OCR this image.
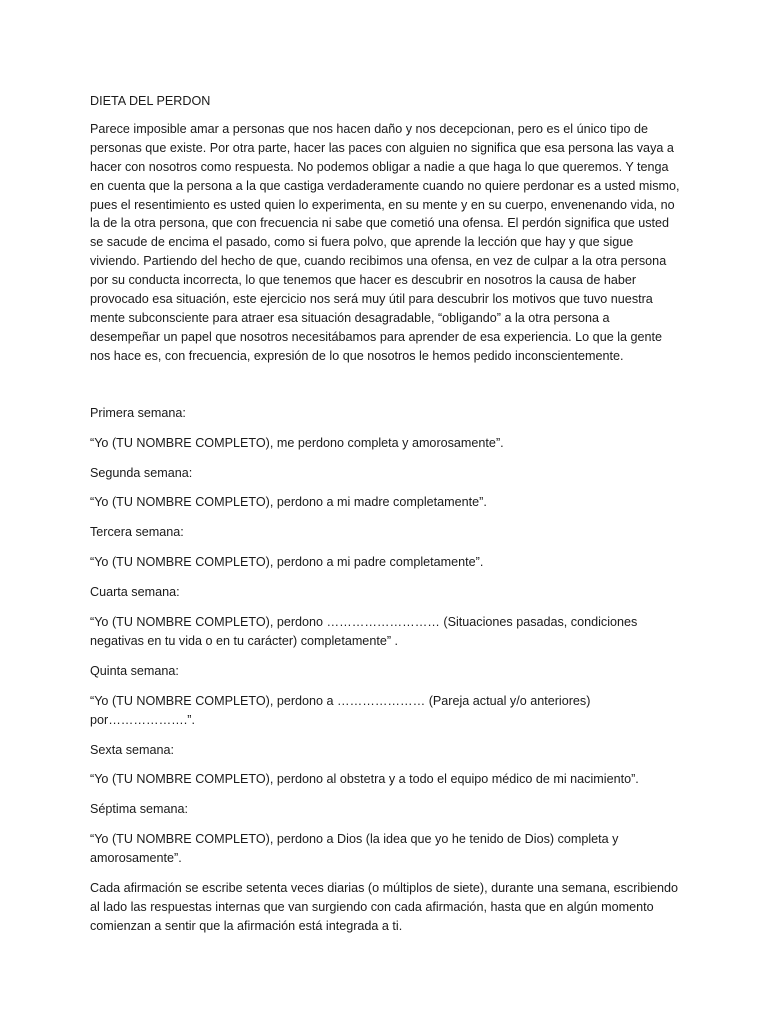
DIETA DEL PERDON

Parece imposible amar a personas que nos hacen daño y nos decepcionan, pero es el único tipo de personas que existe. Por otra parte, hacer las paces con alguien no significa que esa persona las vaya a hacer con nosotros como respuesta. No podemos obligar a nadie a que haga lo que queremos. Y tenga en cuenta que la persona a la que castiga verdaderamente cuando no quiere perdonar es a usted mismo, pues el resentimiento es usted quien lo experimenta, en su mente y en su cuerpo, envenenando vida, no la de la otra persona, que con frecuencia ni sabe que cometió una ofensa. El perdón significa que usted se sacude de encima el pasado, como si fuera polvo, que aprende la lección que hay y que sigue viviendo. Partiendo del hecho de que, cuando recibimos una ofensa, en vez de culpar a la otra persona por su conducta incorrecta, lo que tenemos que hacer es descubrir en nosotros la causa de haber provocado esa situación, este ejercicio nos será muy útil para descubrir los motivos que tuvo nuestra mente subconsciente para atraer esa situación desagradable, “obligando” a la otra persona a desempeñar un papel que nosotros necesitábamos para aprender de esa experiencia. Lo que la gente nos hace es, con frecuencia, expresión de lo que nosotros le hemos pedido inconscientemente.

Primera semana:

“Yo (TU NOMBRE COMPLETO), me perdono completa y amorosamente”.

Segunda semana:

“Yo (TU NOMBRE COMPLETO), perdono a mi madre completamente”.

Tercera semana:

“Yo (TU NOMBRE COMPLETO), perdono a mi padre completamente”.

Cuarta semana:

“Yo (TU NOMBRE COMPLETO), perdono ……………………… (Situaciones pasadas, condiciones negativas en tu vida o en tu carácter) completamente” .

Quinta semana:

“Yo (TU NOMBRE COMPLETO), perdono a ………………… (Pareja actual y/o anteriores) por……………….”.

Sexta semana:

“Yo (TU NOMBRE COMPLETO), perdono al obstetra y a todo el equipo médico de mi nacimiento”.

Séptima semana:

“Yo (TU NOMBRE COMPLETO), perdono a Dios (la idea que yo he tenido de Dios) completa y amorosamente”.

Cada afirmación se escribe setenta veces diarias (o múltiplos de siete), durante una semana, escribiendo al lado las respuestas internas que van surgiendo con cada afirmación, hasta que en algún momento comienzan a sentir que la afirmación está integrada a ti.
